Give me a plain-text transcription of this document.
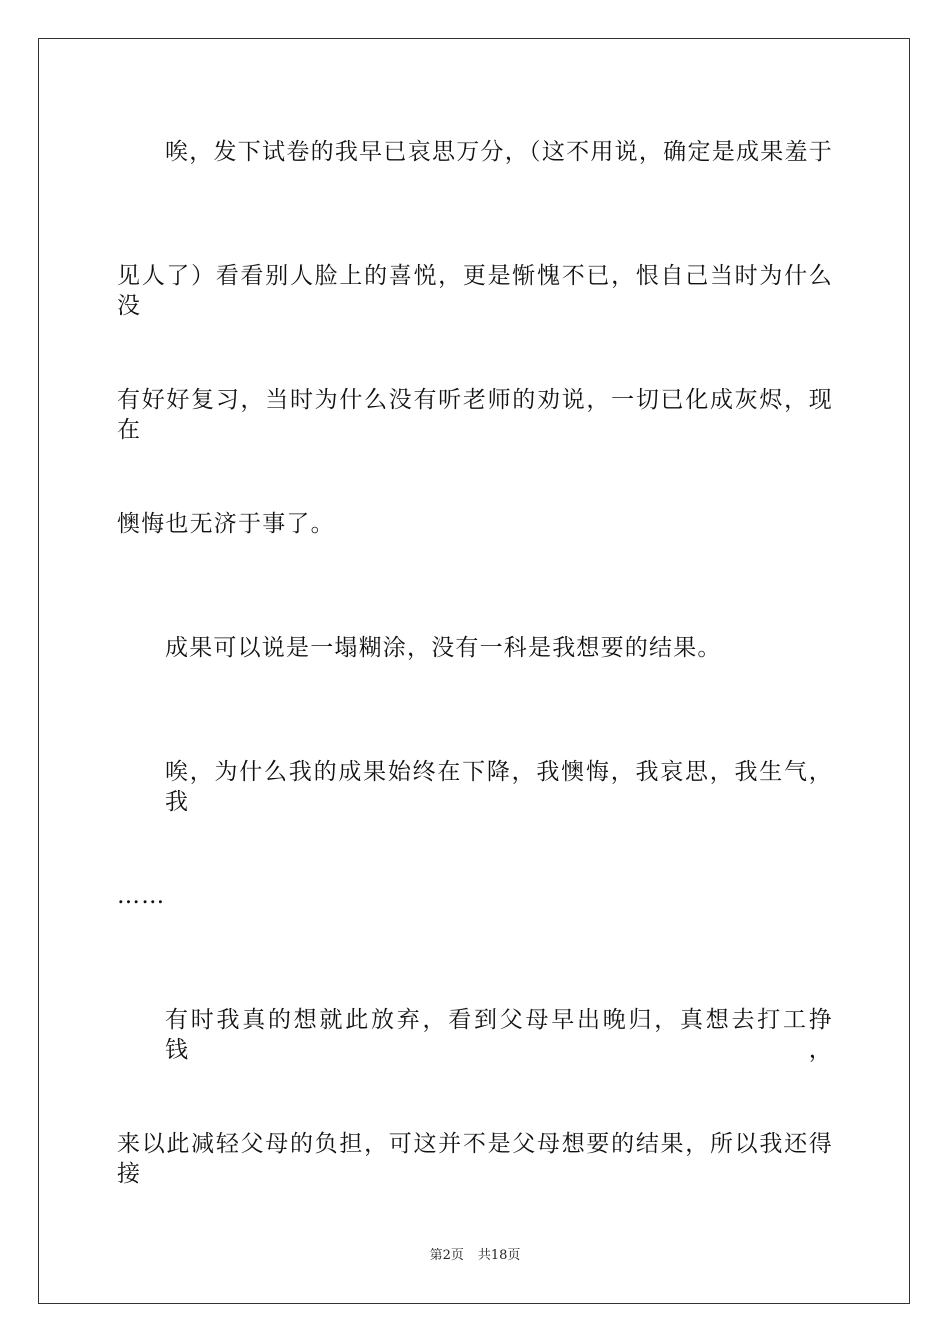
唉，发下试卷的我早已哀思万分，（这不用说，确定是成果羞于
见人了）看看别人脸上的喜悦，更是惭愧不已，恨自己当时为什么没
有好好复习，当时为什么没有听老师的劝说，一切已化成灰烬，现在
懊悔也无济于事了。
成果可以说是一塌糊涂，没有一科是我想要的结果。
唉，为什么我的成果始终在下降，我懊悔，我哀思，我生气，我
……
有时我真的想就此放弃，看到父母早出晚归，真想去打工挣钱，
来以此减轻父母的负担，可这并不是父母想要的结果，所以我还得接
第2页 共18页
